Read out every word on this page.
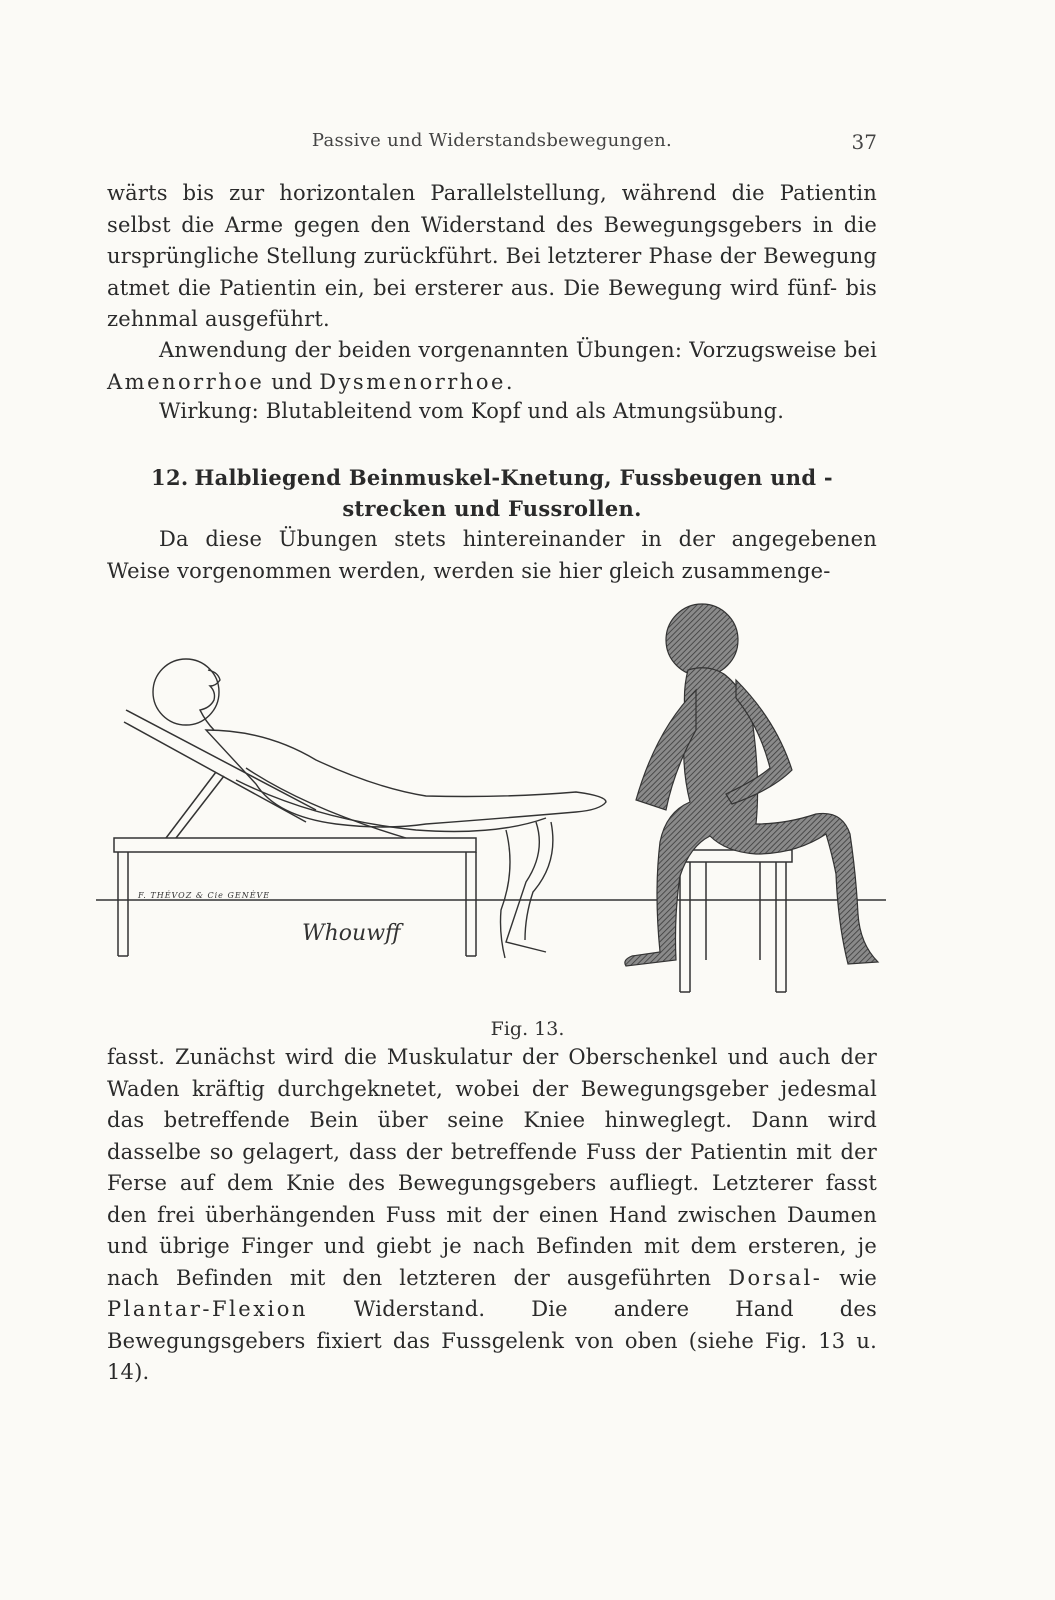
Passive und Widerstandsbewegungen.	37
wärts bis zur horizontalen Parallelstellung, während die Patientin selbst die Arme gegen den Widerstand des Bewegungsgebers in die ursprüngliche Stellung zurückführt. Bei letzterer Phase der Bewegung atmet die Patientin ein, bei ersterer aus. Die Bewegung wird fünf- bis zehnmal ausgeführt.
Anwendung der beiden vorgenannten Übungen: Vorzugsweise bei Amenorrhoe und Dysmenorrhoe.
Wirkung: Blutableitend vom Kopf und als Atmungsübung.
12. Halbliegend Beinmuskel-Knetung, Fussbeugen und -strecken und Fussrollen.
Da diese Übungen stets hintereinander in der angegebenen Weise vorgenommen werden, werden sie hier gleich zusammenge-
F. THÉVOZ & Cie GENÈVE
Whouwff
Fig. 13.
fasst. Zunächst wird die Muskulatur der Oberschenkel und auch der Waden kräftig durchgeknetet, wobei der Bewegungsgeber jedesmal das betreffende Bein über seine Kniee hinweglegt. Dann wird dasselbe so gelagert, dass der betreffende Fuss der Patientin mit der Ferse auf dem Knie des Bewegungsgebers aufliegt. Letzterer fasst den frei überhängenden Fuss mit der einen Hand zwischen Daumen und übrige Finger und giebt je nach Befinden mit dem ersteren, je nach Befinden mit den letzteren der ausgeführten Dorsal- wie Plantar-Flexion Widerstand. Die andere Hand des Bewegungsgebers fixiert das Fussgelenk von oben (siehe Fig. 13 u. 14).
